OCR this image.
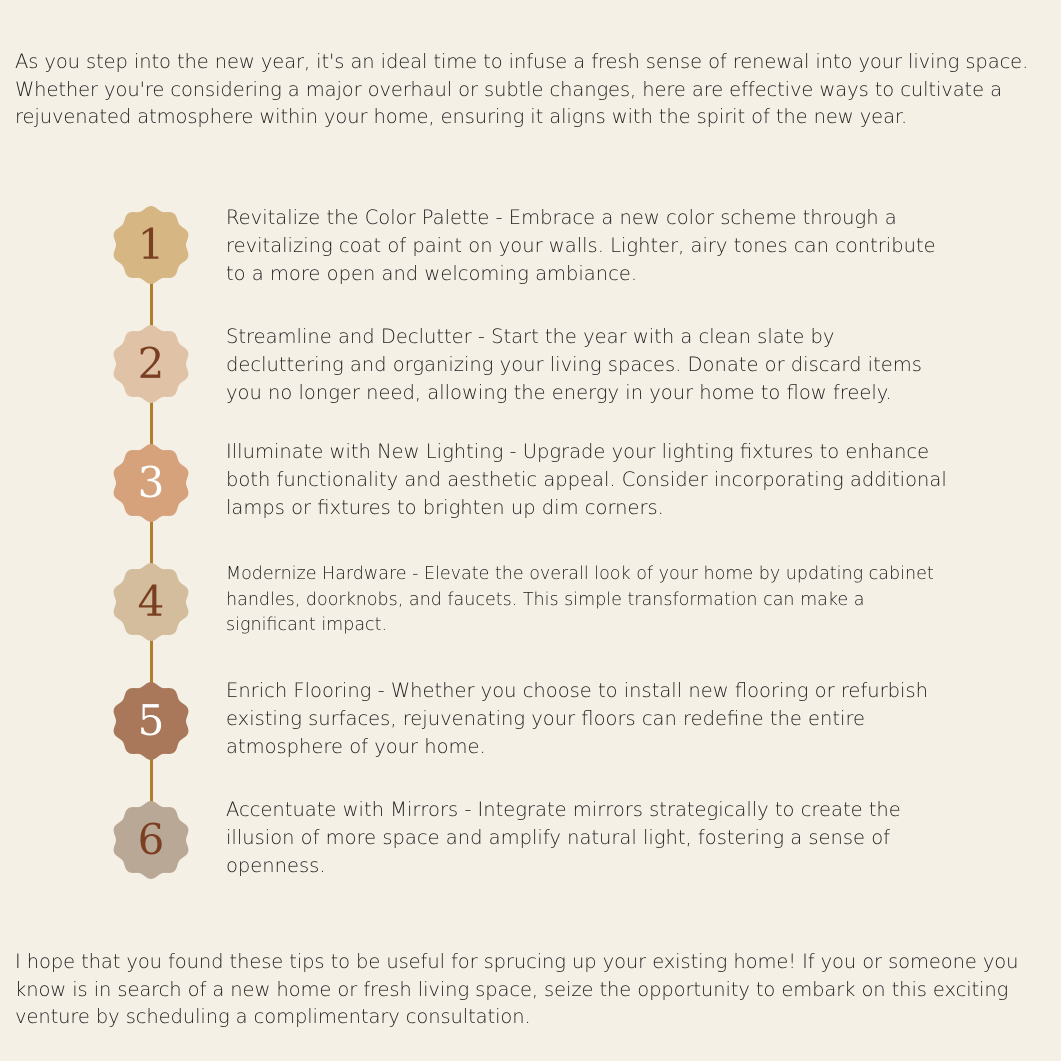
As you step into the new year, it's an ideal time to infuse a fresh sense of renewal into your living space. Whether you're considering a major overhaul or subtle changes, here are effective ways to cultivate a rejuvenated atmosphere within your home, ensuring it aligns with the spirit of the new year.

1

Revitalize the Color Palette - Embrace a new color scheme through a revitalizing coat of paint on your walls. Lighter, airy tones can contribute to a more open and welcoming ambiance.

2

Streamline and Declutter - Start the year with a clean slate by decluttering and organizing your living spaces. Donate or discard items you no longer need, allowing the energy in your home to flow freely.

3

Illuminate with New Lighting - Upgrade your lighting fixtures to enhance both functionality and aesthetic appeal. Consider incorporating additional lamps or fixtures to brighten up dim corners.

4

Modernize Hardware - Elevate the overall look of your home by updating cabinet handles, doorknobs, and faucets. This simple transformation can make a significant impact.

5

Enrich Flooring - Whether you choose to install new flooring or refurbish existing surfaces, rejuvenating your floors can redefine the entire atmosphere of your home.

6

Accentuate with Mirrors - Integrate mirrors strategically to create the illusion of more space and amplify natural light, fostering a sense of openness.

I hope that you found these tips to be useful for sprucing up your existing home! If you or someone you know is in search of a new home or fresh living space, seize the opportunity to embark on this exciting venture by scheduling a complimentary consultation.
